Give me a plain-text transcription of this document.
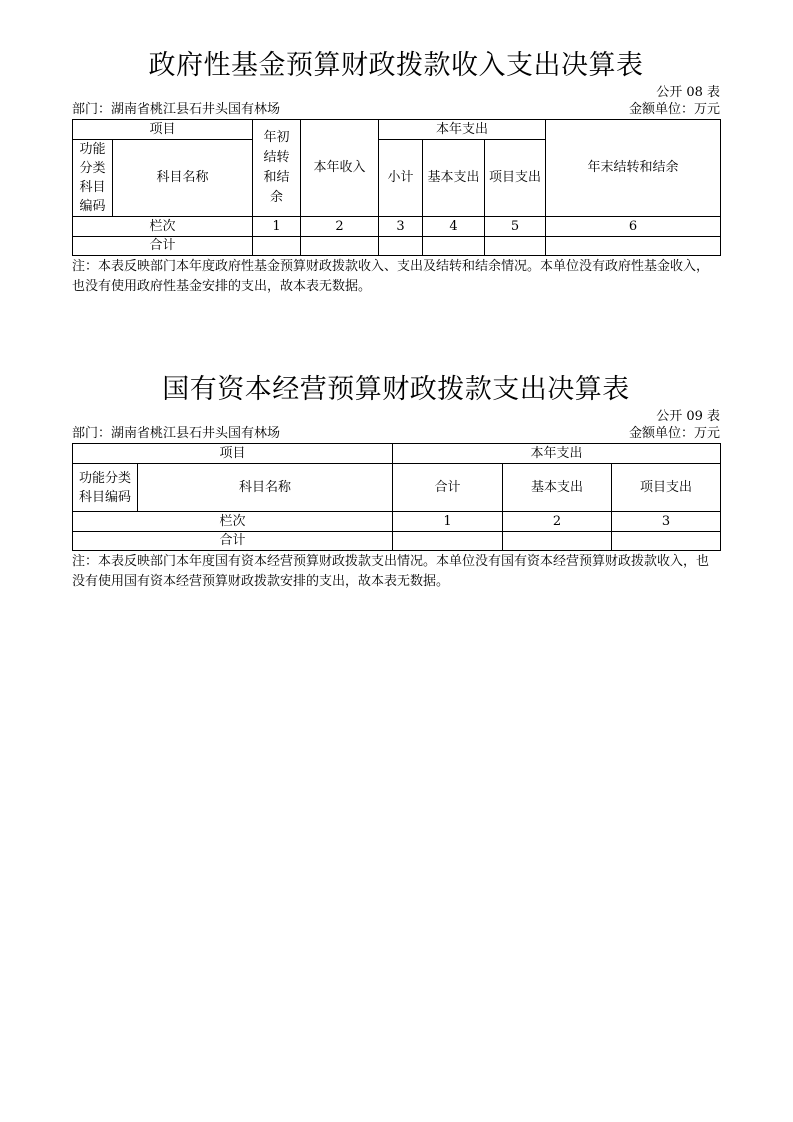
政府性基金预算财政拨款收入支出决算表
公开 08 表
部门：湖南省桃江县石井头国有林场	金额单位：万元
项目		年初结转和结余	本年收入	本年支出			年末结转和结余

功能分类科目编码	科目名称			小计	基本支出	项目支出	
栏次		1	2	3	4	5	6
合计							
注：本表反映部门本年度政府性基金预算财政拨款收入、支出及结转和结余情况。本单位没有政府性基金收入，也没有使用政府性基金安排的支出，故本表无数据。
国有资本经营预算财政拨款支出决算表
公开 09 表
部门：湖南省桃江县石井头国有林场	金额单位：万元
项目		本年支出		

功能分类科目编码	科目名称	合计	基本支出	项目支出
栏次		1	2	3
合计				
注：本表反映部门本年度国有资本经营预算财政拨款支出情况。本单位没有国有资本经营预算财政拨款收入，也没有使用国有资本经营预算财政拨款安排的支出，故本表无数据。
